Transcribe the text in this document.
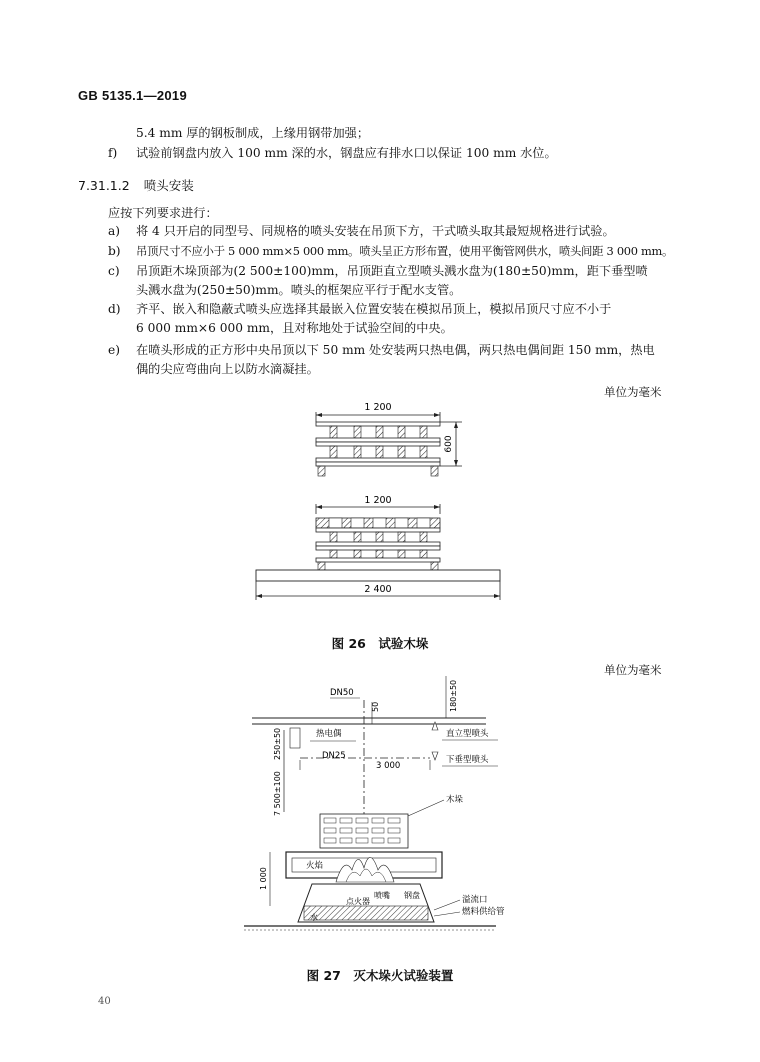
GB 5135.1—2019
5.4 mm 厚的钢板制成，上缘用钢带加强；
f) 试验前钢盘内放入 100 mm 深的水，钢盘应有排水口以保证 100 mm 水位。
7.31.1.2 喷头安装
应按下列要求进行：
a) 将 4 只开启的同型号、同规格的喷头安装在吊顶下方，干式喷头取其最短规格进行试验。
b) 吊顶尺寸不应小于 5 000 mm×5 000 mm。喷头呈正方形布置，使用平衡管网供水，喷头间距 3 000 mm。
c) 吊顶距木垛顶部为(2 500±100)mm，吊顶距直立型喷头溅水盘为(180±50)mm，距下垂型喷
头溅水盘为(250±50)mm。喷头的框架应平行于配水支管。
d) 齐平、嵌入和隐蔽式喷头应选择其最嵌入位置安装在模拟吊顶上，模拟吊顶尺寸应不小于
6 000 mm×6 000 mm，且对称地处于试验空间的中央。
e) 在喷头形成的正方形中央吊顶以下 50 mm 处安装两只热电偶，两只热电偶间距 150 mm，热电
偶的尖应弯曲向上以防水滴凝挂。
单位为毫米
1 200
600
1 200
2 400
图 26　试验木垛
单位为毫米
DN50
50	180±50
热电偶	直立型喷头
250±50	DN25
3 000
下垂型喷头
7 500±100	木垛
1 000
火焰
喷嘴
点火器
钢盘
水
溢流口
燃料供给管
图 27　灭木垛火试验装置
40
